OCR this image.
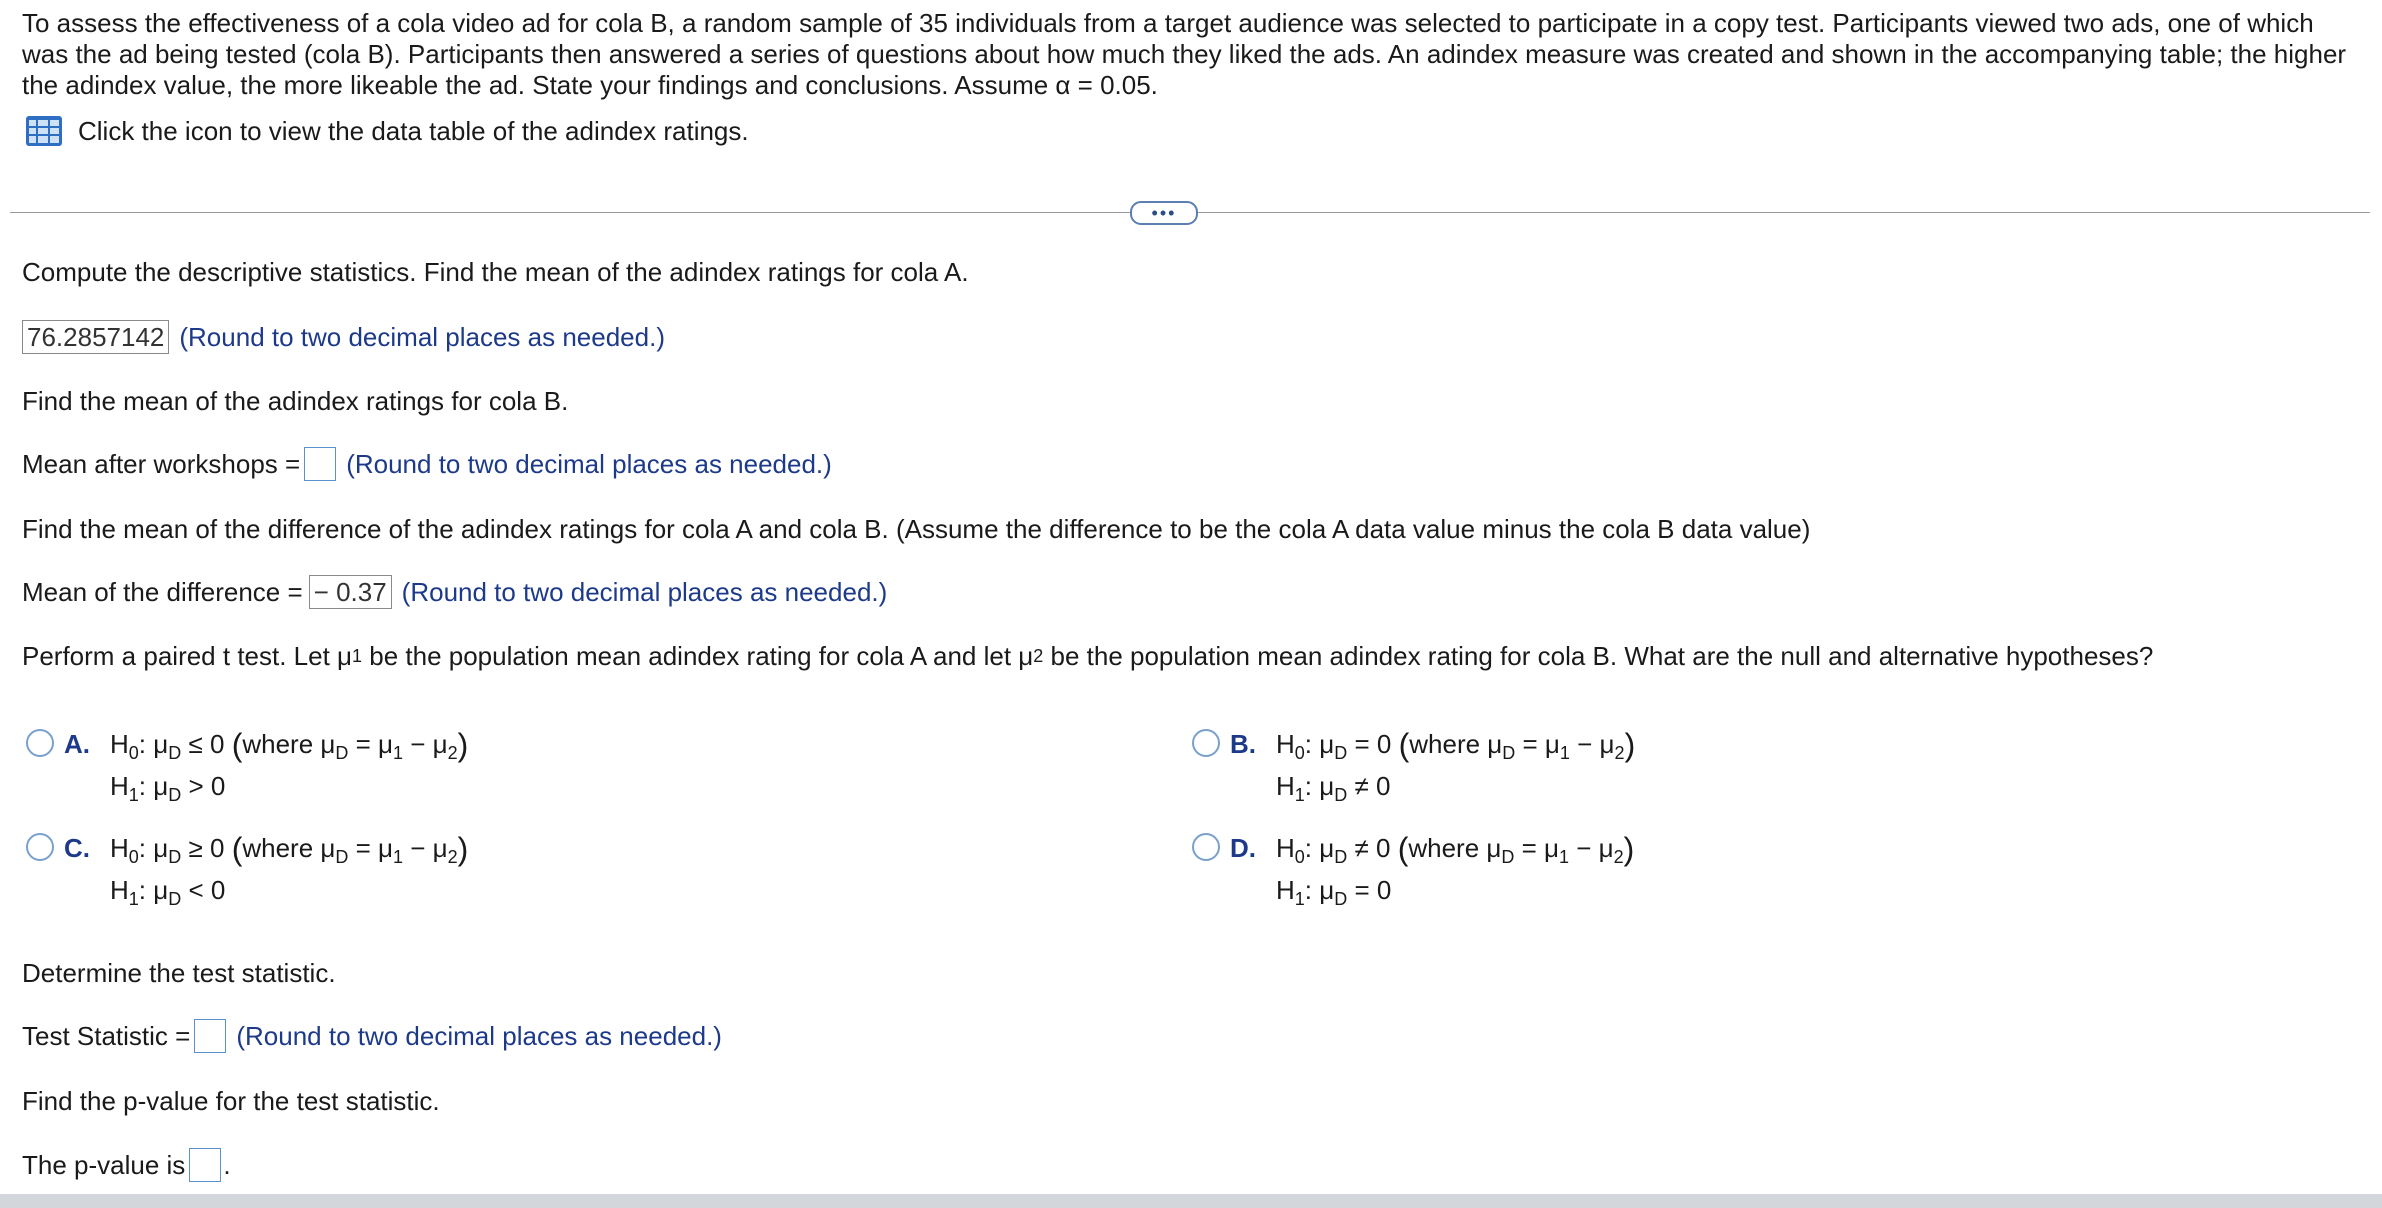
To assess the effectiveness of a cola video ad for cola B, a random sample of 35 individuals from a target audience was selected to participate in a copy test. Participants viewed two ads, one of which was the ad being tested (cola B). Participants then answered a series of questions about how much they liked the ads. An adindex measure was created and shown in the accompanying table; the higher the adindex value, the more likeable the ad. State your findings and conclusions. Assume α = 0.05.

Click the icon to view the data table of the adindex ratings.
•••
Compute the descriptive statistics. Find the mean of the adindex ratings for cola A.
76.2857142 (Round to two decimal places as needed.)
Find the mean of the adindex ratings for cola B.
Mean after workshops = (Round to two decimal places as needed.)
Find the mean of the difference of the adindex ratings for cola A and cola B. (Assume the difference to be the cola A data value minus the cola B data value)
Mean of the difference = − 0.37 (Round to two decimal places as needed.)
Perform a paired t test. Let μ 1 be the population mean adindex rating for cola A and let μ 2 be the population mean adindex rating for cola B. What are the null and alternative hypotheses?
A. $H_0$: $\mu_D \le 0$ (where $\mu_D = \mu_1 - \mu_2$)
$H_1$: $\mu_D > 0$
B. $H_0$: $\mu_D = 0$ (where $\mu_D = \mu_1 - \mu_2$)
$H_1$: $\mu_D \ne 0$
C. $H_0$: $\mu_D \ge 0$ (where $\mu_D = \mu_1 - \mu_2$)
$H_1$: $\mu_D < 0$
D. $H_0$: $\mu_D \ne 0$ (where $\mu_D = \mu_1 - \mu_2$)
$H_1$: $\mu_D = 0$
Determine the test statistic.
Test Statistic = (Round to two decimal places as needed.)
Find the p-value for the test statistic.
The p-value is .
